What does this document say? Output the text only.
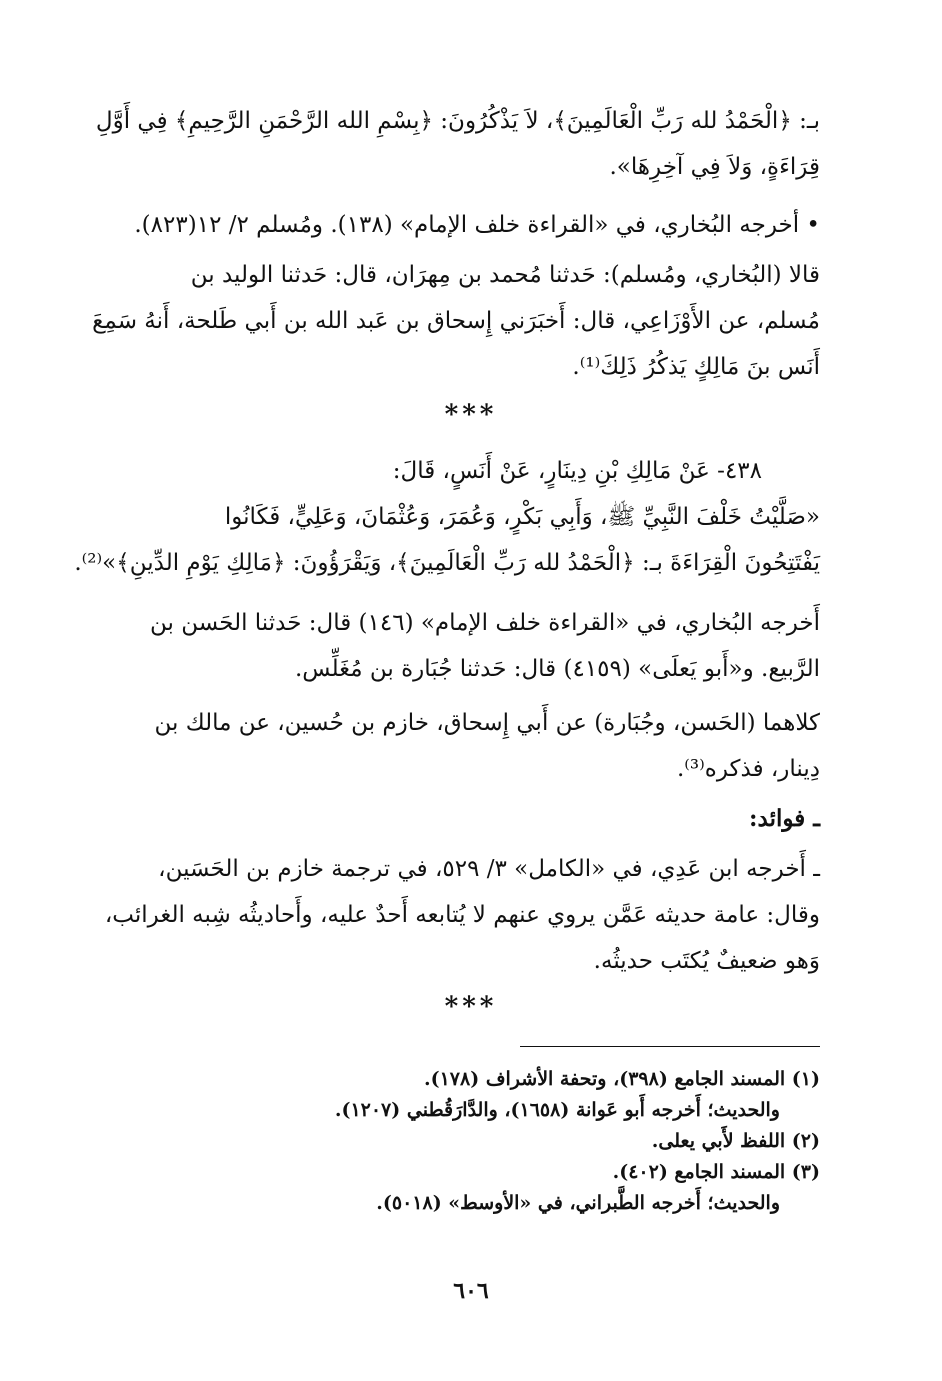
بـ: ﴿الْحَمْدُ لله رَبِّ الْعَالَمِينَ﴾، لاَ يَذْكُرُونَ: ﴿بِسْمِ الله الرَّحْمَنِ الرَّحِيمِ﴾ فِي أَوَّلِ
قِرَاءَةٍ، وَلاَ فِي آخِرِهَا».
• أخرجه البُخاري، في «القراءة خلف الإمام» (١٣٨). ومُسلم ٢/ ١٢(٨٢٣).
قالا (البُخاري، ومُسلم): حَدثنا مُحمد بن مِهرَان، قال: حَدثنا الوليد بن
مُسلم، عن الأَوْزَاعِي، قال: أَخبَرَني إِسحاق بن عَبد الله بن أَبي طَلحة، أَنهُ سَمِعَ
أَنَس بنَ مَالِكٍ يَذكُرُ ذَلِكَ⁽¹⁾.
***
٤٣٨- عَنْ مَالِكِ بْنِ دِينَارٍ، عَنْ أَنَسٍ، قَالَ:
«صَلَّيْتُ خَلْفَ النَّبِيِّ ﷺ، وَأَبِي بَكْرٍ، وَعُمَرَ، وَعُثْمَانَ، وَعَلِيٍّ، فَكَانُوا
يَفْتَتِحُونَ الْقِرَاءَةَ بـ: ﴿الْحَمْدُ لله رَبِّ الْعَالَمِينَ﴾، وَيَقْرَؤُونَ: ﴿مَالِكِ يَوْمِ الدِّينِ﴾»⁽²⁾.
أَخرجه البُخاري، في «القراءة خلف الإمام» (١٤٦) قال: حَدثنا الحَسن بن
الرَّبيع. و«أَبو يَعلَى» (٤١٥٩) قال: حَدثنا جُبَارة بن مُغَلِّس.
كلاهما (الحَسن، وجُبَارة) عن أَبي إِسحاق، خازم بن حُسين، عن مالك بن
دِينار، فذكره⁽³⁾.
ـ فوائد:
ـ أَخرجه ابن عَدِي، في «الكامل» ٣/ ٥٢٩، في ترجمة خازم بن الحَسَين،
وقال: عامة حديثه عَمَّن يروي عنهم لا يُتابعه أَحدٌ عليه، وأَحاديثُه شِبه الغرائب،
وَهو ضعيفٌ يُكتَب حديثُه.
***
(١) المسند الجامع (٣٩٨)، وتحفة الأشراف (١٧٨).
والحديث؛ أَخرجه أَبو عَوانة (١٦٥٨)، والدَّارَقُطني (١٢٠٧).
(٢) اللفظ لأَبي يعلى.
(٣) المسند الجامع (٤٠٢).
والحديث؛ أَخرجه الطَّبراني، في «الأوسط» (٥٠١٨).
٦٠٦
